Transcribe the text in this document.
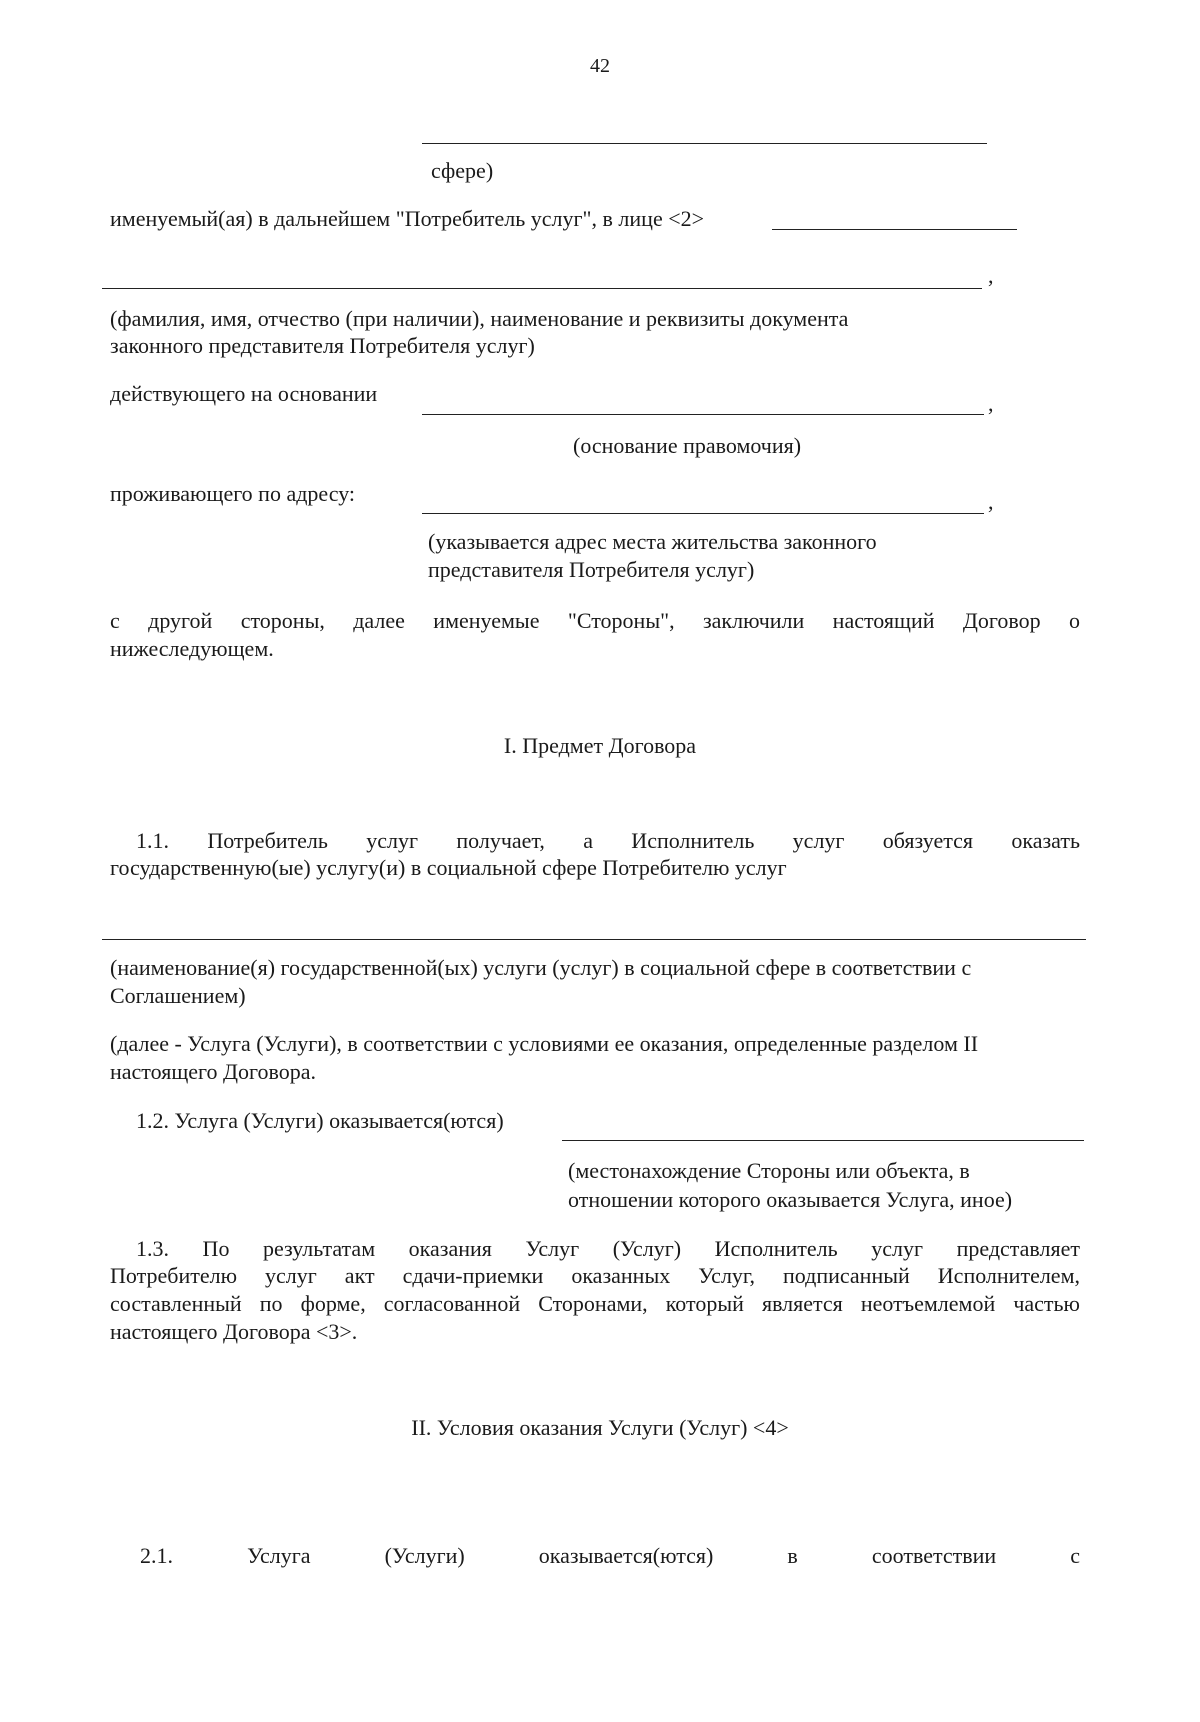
42
сфере)
именуемый(ая) в дальнейшем "Потребитель услуг", в лице <2>
,
(фамилия, имя, отчество (при наличии), наименование и реквизиты документа
законного представителя Потребителя услуг)
действующего на основании	,
(основание правомочия)
проживающего по адресу:	,
(указывается адрес места жительства законного
представителя Потребителя услуг)
с другой стороны, далее именуемые "Стороны", заключили настоящий Договор о
нижеследующем.
I. Предмет Договора
1.1. Потребитель услуг получает, а Исполнитель услуг обязуется оказать
государственную(ые) услугу(и) в социальной сфере Потребителю услуг
(наименование(я) государственной(ых) услуги (услуг) в социальной сфере в соответствии с
Соглашением)
(далее - Услуга (Услуги), в соответствии с условиями ее оказания, определенные разделом II
настоящего Договора.
1.2. Услуга (Услуги) оказывается(ются)
(местонахождение Стороны или объекта, в
отношении которого оказывается Услуга, иное)
1.3. По результатам оказания Услуг (Услуг) Исполнитель услуг представляет
Потребителю услуг акт сдачи-приемки оказанных Услуг, подписанный Исполнителем,
составленный по форме, согласованной Сторонами, который является неотъемлемой частью
настоящего Договора <3>.
II. Условия оказания Услуги (Услуг) <4>
2.1. Услуга (Услуги) оказывается(ются) в соответствии с
